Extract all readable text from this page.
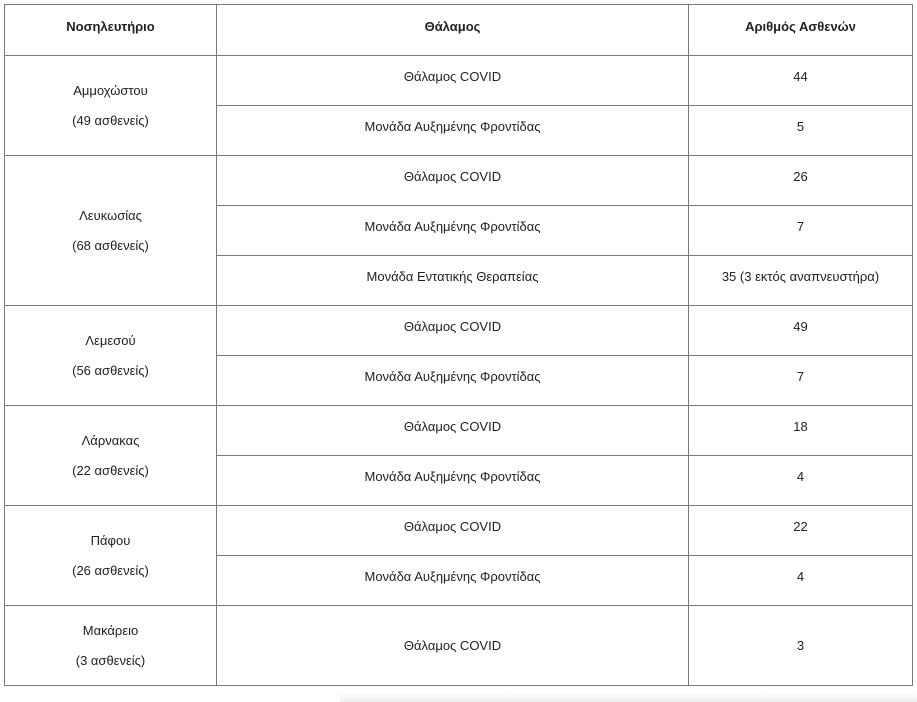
Νοσηλευτήριο	Θάλαμος	Αριθμός Ασθενών
Αμμοχώστου
(49 ασθενείς)	Θάλαμος COVID	44
	Μονάδα Αυξημένης Φροντίδας	5
Λευκωσίας
(68 ασθενείς)	Θάλαμος COVID	26
	Μονάδα Αυξημένης Φροντίδας	7
	Μονάδα Εντατικής Θεραπείας	35 (3 εκτός αναπνευστήρα)
Λεμεσού
(56 ασθενείς)	Θάλαμος COVID	49
	Μονάδα Αυξημένης Φροντίδας	7
Λάρνακας
(22 ασθενείς)	Θάλαμος COVID	18
	Μονάδα Αυξημένης Φροντίδας	4
Πάφου
(26 ασθενείς)	Θάλαμος COVID	22
	Μονάδα Αυξημένης Φροντίδας	4
Μακάρειο
(3 ασθενείς)	Θάλαμος COVID	3
